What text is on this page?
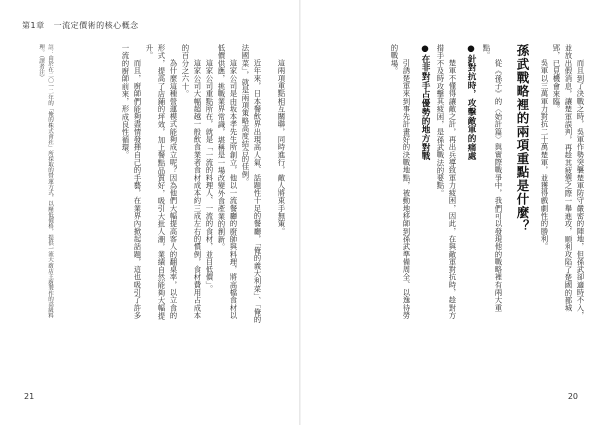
第1章 一流定價術的核心概念

這兩項重點相互關聯，同時進行，敵人將束手無策。

近年來，日本餐飲界出現高人氣、話題性十足的餐廳，「俺的義大利菜」、「俺的法國菜」，就是兩項策略高度結合的佳例。

這家公司是由坂本孝先生所創立，他以一流餐廳的廚師與料理，將高檔食材以低價供應，挑戰業界常識，堪稱是一場改變外食產業的創新。

這家公司重點所在，就是「一流的料理人、一流的食材，並目低價」。

這家公司大幅超越一般飲食業者食材成本約三成左右的慣例，食材費用占成本的百分之六十。

為什麼這種營運模式能夠成立呢？因為他們大幅提高客人的翻桌率，以立食的形式，提高了店鋪的坪效，加上餐點品質好，吸引大批人潮，業績自然能夠大幅提升。

而且，廚師們能夠盡情發揮自己的手藝，在業界內掀起話題，這也吸引了許多一流的廚師前來，形成良性循環。

註：由於在二〇一二年的「俺的株式會社」所採取的營運方式，以壓低價格，提供一流大廚店主廚製作的高級料理。（譯者注）
21

而且到了決戰之時，吳軍作勢突襲楚軍防守嚴密的陣地，但孫武卻適時不入，並放出假消息，讓楚軍誤判，再趁其疲憊之際一舉進攻，順利攻陷了楚國的都城郢，已見機會來臨。

吳軍以三萬軍力對抗二十萬楚軍，並獲得戲劇性的勝利。

孫武戰略裡的兩項重點是什麼？

從《孫子》的〈始計篇〉與實際戰爭中，我們可以發現他的戰略裡有兩大重點。

●針對抗時，攻擊敵軍的痛處

楚軍不懂得讓敵之計，再出兵導致軍力疲困，因此，在與敵軍對抗時，趁對方措手不及時攻擊其疲困，是孫武戰法的要點。

●在非對手占優勢的地方對戰

引誘楚軍來到事先計畫好的決戰地點，被動地移師到孫武準備周全、以逸待勞的戰場。

20
